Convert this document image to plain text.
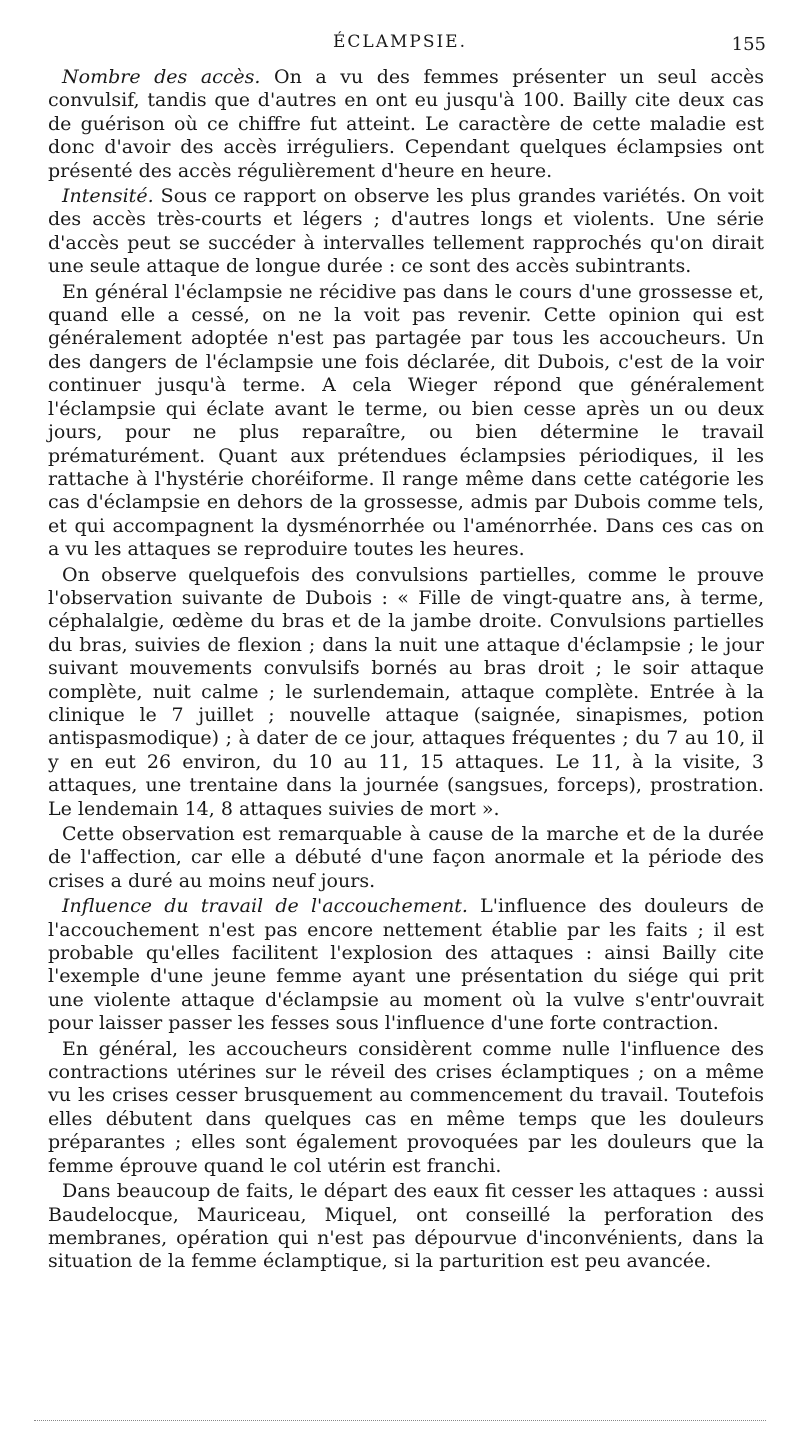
ÉCLAMPSIE.	155

Nombre des accès. On a vu des femmes présenter un seul accès convulsif, tandis que d'autres en ont eu jusqu'à 100. Bailly cite deux cas de guérison où ce chiffre fut atteint. Le caractère de cette maladie est donc d'avoir des accès irréguliers. Cependant quelques éclampsies ont présenté des accès régulièrement d'heure en heure.

Intensité. Sous ce rapport on observe les plus grandes variétés. On voit des accès très-courts et légers ; d'autres longs et violents. Une série d'accès peut se succéder à intervalles tellement rapprochés qu'on dirait une seule attaque de longue durée : ce sont des accès subintrants.

En général l'éclampsie ne récidive pas dans le cours d'une grossesse et, quand elle a cessé, on ne la voit pas revenir. Cette opinion qui est généralement adoptée n'est pas partagée par tous les accoucheurs. Un des dangers de l'éclampsie une fois déclarée, dit Dubois, c'est de la voir continuer jusqu'à terme. A cela Wieger répond que généralement l'éclampsie qui éclate avant le terme, ou bien cesse après un ou deux jours, pour ne plus reparaître, ou bien détermine le travail prématurément. Quant aux prétendues éclampsies périodiques, il les rattache à l'hystérie choréiforme. Il range même dans cette catégorie les cas d'éclampsie en dehors de la grossesse, admis par Dubois comme tels, et qui accompagnent la dysménorrhée ou l'aménorrhée. Dans ces cas on a vu les attaques se reproduire toutes les heures.

On observe quelquefois des convulsions partielles, comme le prouve l'observation suivante de Dubois : « Fille de vingt-quatre ans, à terme, céphalalgie, œdème du bras et de la jambe droite. Convulsions partielles du bras, suivies de flexion ; dans la nuit une attaque d'éclampsie ; le jour suivant mouvements convulsifs bornés au bras droit ; le soir attaque complète, nuit calme ; le surlendemain, attaque complète. Entrée à la clinique le 7 juillet ; nouvelle attaque (saignée, sinapismes, potion antispasmodique) ; à dater de ce jour, attaques fréquentes ; du 7 au 10, il y en eut 26 environ, du 10 au 11, 15 attaques. Le 11, à la visite, 3 attaques, une trentaine dans la journée (sangsues, forceps), prostration. Le lendemain 14, 8 attaques suivies de mort ».

Cette observation est remarquable à cause de la marche et de la durée de l'affection, car elle a débuté d'une façon anormale et la période des crises a duré au moins neuf jours.

Influence du travail de l'accouchement. L'influence des douleurs de l'accouchement n'est pas encore nettement établie par les faits ; il est probable qu'elles facilitent l'explosion des attaques : ainsi Bailly cite l'exemple d'une jeune femme ayant une présentation du siége qui prit une violente attaque d'éclampsie au moment où la vulve s'entr'ouvrait pour laisser passer les fesses sous l'influence d'une forte contraction.

En général, les accoucheurs considèrent comme nulle l'influence des contractions utérines sur le réveil des crises éclamptiques ; on a même vu les crises cesser brusquement au commencement du travail. Toutefois elles débutent dans quelques cas en même temps que les douleurs préparantes ; elles sont également provoquées par les douleurs que la femme éprouve quand le col utérin est franchi.

Dans beaucoup de faits, le départ des eaux fit cesser les attaques : aussi Baudelocque, Mauriceau, Miquel, ont conseillé la perforation des membranes, opération qui n'est pas dépourvue d'inconvénients, dans la situation de la femme éclamptique, si la parturition est peu avancée.
